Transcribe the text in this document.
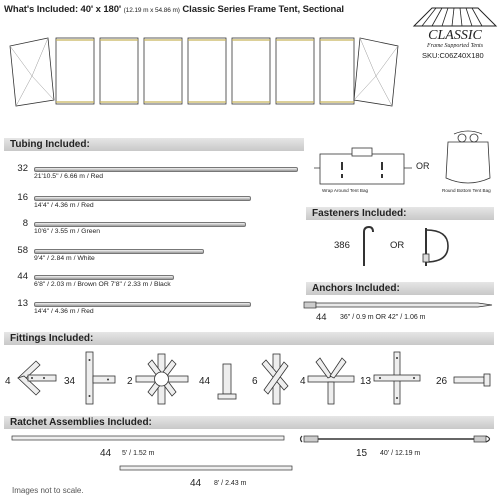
What's Included: 40' x 180' (12.19 m x 54.86 m) Classic Series Frame Tent, Sectional
CLASSIC
Frame Supported Tents
SKU:C06Z40X180
Tubing Included:
32
21'10.5" / 6.66 m / Red
16
14'4" / 4.36 m / Red
8
10'6" / 3.55 m / Green
58
9'4" / 2.84 m / White
44
6'8" / 2.03 m / Brown OR 7'8" / 2.33 m / Black
13
14'4" / 4.36 m / Red
Wrap Around Tent Bag
OR
Round Bottom Tent Bag
Fasteners Included:
386	OR
Anchors Included:
44 36" / 0.9 m OR 42" / 1.06 m
Fittings Included:
4	34	2	44	6	4	13	26
Ratchet Assemblies Included:
44 5' / 1.52 m	15 40' / 12.19 m
44 8' / 2.43 m
Images not to scale.
